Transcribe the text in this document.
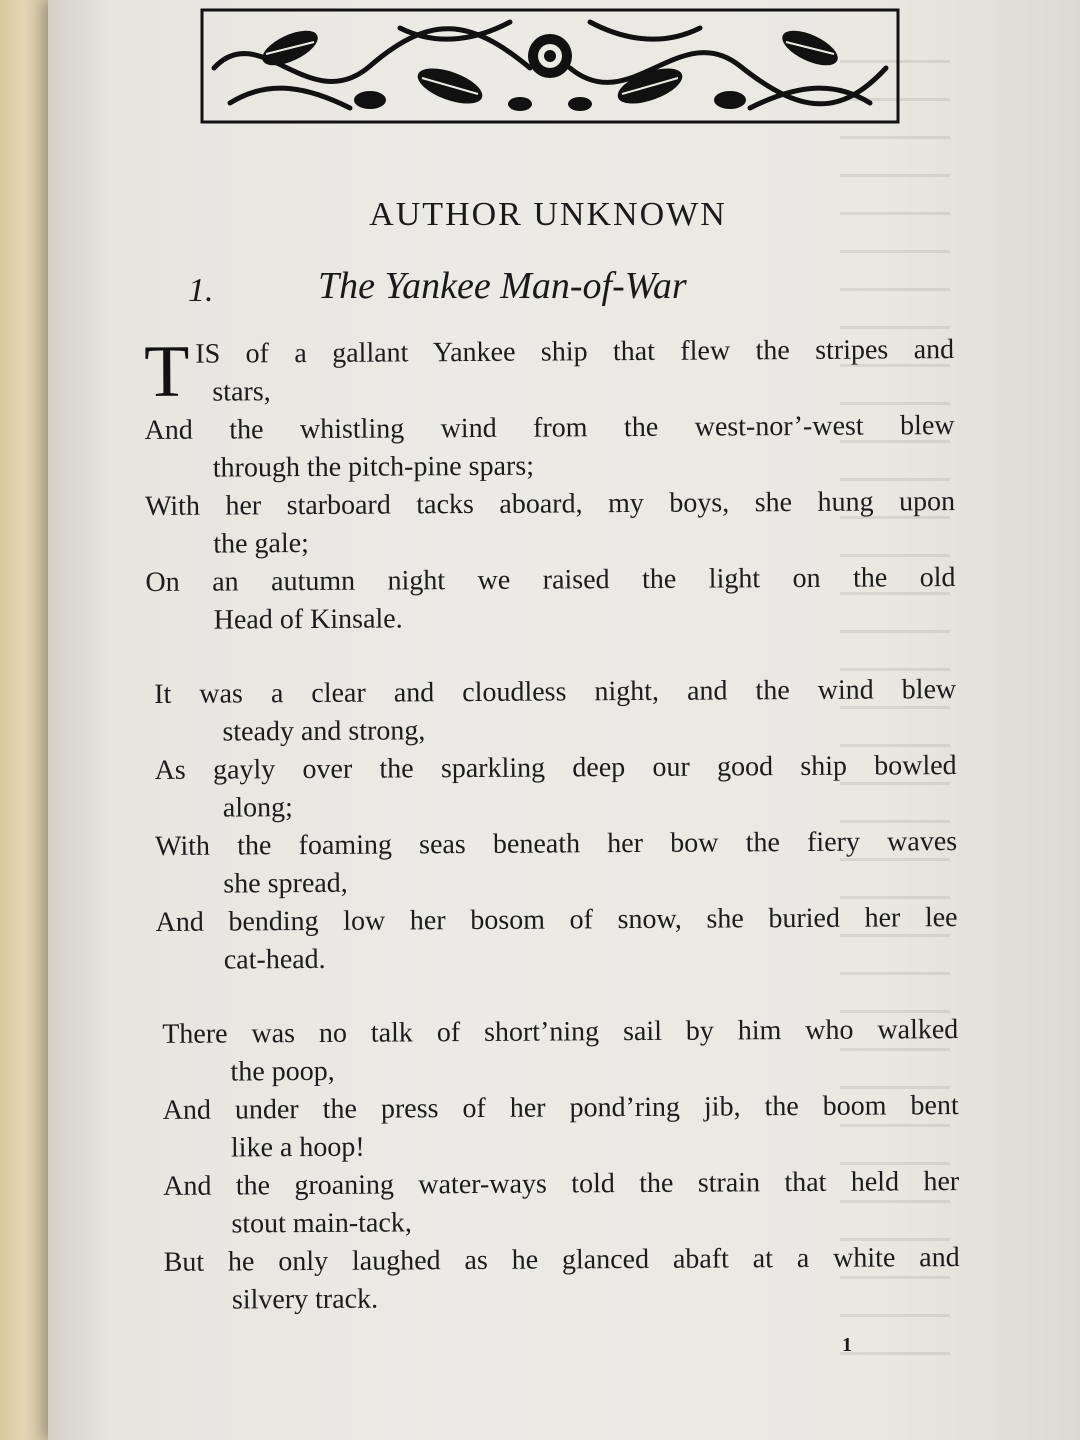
AUTHOR UNKNOWN
1.	The Yankee Man-of-War

TIS of a gallant Yankee ship that flew the stripes and
stars,

And the whistling wind from the west-nor’-west blew
through the pitch-pine spars;

With her starboard tacks aboard, my boys, she hung upon
the gale;

On an autumn night we raised the light on the old
Head of Kinsale.

It was a clear and cloudless night, and the wind blew
steady and strong,

As gayly over the sparkling deep our good ship bowled
along;

With the foaming seas beneath her bow the fiery waves
she spread,

And bending low her bosom of snow, she buried her lee
cat-head.

There was no talk of short’ning sail by him who walked
the poop,

And under the press of her pond’ring jib, the boom bent
like a hoop!

And the groaning water-ways told the strain that held her
stout main-tack,

But he only laughed as he glanced abaft at a white and
silvery track.

1
